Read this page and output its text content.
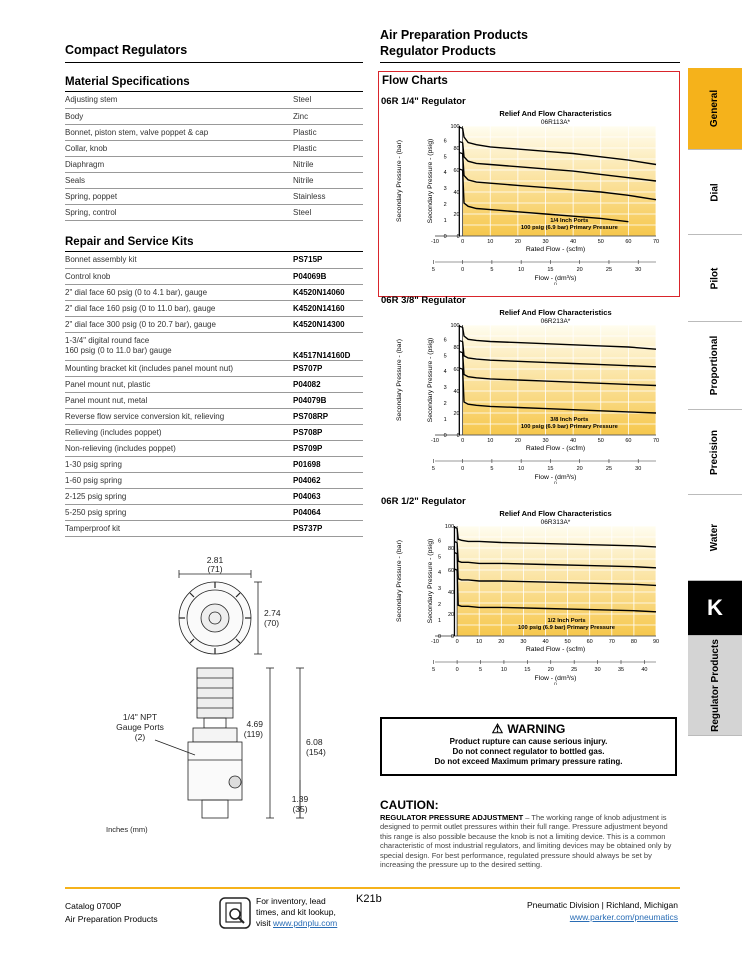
Compact Regulators
Air Preparation Products
Regulator Products
Material Specifications
Adjusting stem	Steel
Body	Zinc
Bonnet, piston stem, valve poppet & cap	Plastic
Collar, knob	Plastic
Diaphragm	Nitrile
Seals	Nitrile
Spring, poppet	Stainless
Spring, control	Steel
Repair and Service Kits
Bonnet assembly kit	PS715P
Control knob	P04069B
2" dial face 60 psig (0 to 4.1 bar), gauge	K4520N14060
2" dial face 160 psig (0 to 11.0 bar), gauge	K4520N14160
2" dial face 300 psig (0 to 20.7 bar), gauge	K4520N14300

1-3/4" digital round face
160 psig (0 to 11.0 bar) gauge	K4517N14160D
Mounting bracket kit (includes panel mount nut)	PS707P
Panel mount nut, plastic	P04082
Panel mount nut, metal	P04079B
Reverse flow service conversion kit, relieving	PS708RP
Relieving (includes poppet)	PS708P
Non-relieving (includes poppet)	PS709P
1-30 psig spring	P01698
1-60 psig spring	P04062
2-125 psig spring	P04063
5-250 psig spring	P04064
Tamperproof kit	PS737P
2.81
(71)
2.74
(70)
4.69
(119)
6.08
(154)
1.39
(35)
1/4" NPT
Gauge Ports
(2)
Inches (mm)
Flow Charts
06R 1/4" Regulator
Relief And Flow Characteristics
06R113A*
0
20
40
60
80
100
0
1
2
3
4
5
6
-10	0	10	20	30	40	50	60	70
5	0	5	10	15	20	25	30
Rated Flow - (scfm)
Flow - (dm³/s)
n
Secondary Pressure - (psig)
Secondary Pressure - (bar)	1/4 Inch Ports
100 psig (6.9 bar) Primary Pressure
06R 3/8" Regulator
Relief And Flow Characteristics
06R213A*
0
20
40
60
80
100
0
1
2
3
4
5
6
-10	0	10	20	30	40	50	60	70
5	0	5	10	15	20	25	30
Rated Flow - (scfm)
Flow - (dm³/s)
n
Secondary Pressure - (psig)
Secondary Pressure - (bar)	3/8 Inch Ports
100 psig (6.9 bar) Primary Pressure
06R 1/2" Regulator
Relief And Flow Characteristics
06R313A*
0
20
40
60
80
100
0
1
2
3
4
5
6
-10	0	10	20	30	40	50	60	70	80	90
5	0	5	10	15	20	25	30	35	40
Rated Flow - (scfm)
Flow - (dm³/s)
n
Secondary Pressure - (psig)
Secondary Pressure - (bar)	1/2 Inch Ports
100 psig (6.9 bar) Primary Pressure
⚠ WARNING
Product rupture can cause serious injury.
Do not connect regulator to bottled gas.
Do not exceed Maximum primary pressure rating.
CAUTION:
REGULATOR PRESSURE ADJUSTMENT – The working range of knob adjustment is designed to permit outlet pressures within their full range. Pressure adjustment beyond this range is also possible because the knob is not a limiting device. This is a common characteristic of most industrial regulators, and limiting devices may be obtained only by special design. For best performance, regulated pressure should always be set by increasing the pressure up to the desired setting.
General
Dial
Pilot
Proportional
Precision
Water
K
Regulator Products
Catalog 0700P
Air Preparation Products
For inventory, lead
times, and kit lookup,
visit www.pdnplu.com
K21b	Pneumatic Division | Richland, Michigan
www.parker.com/pneumatics
